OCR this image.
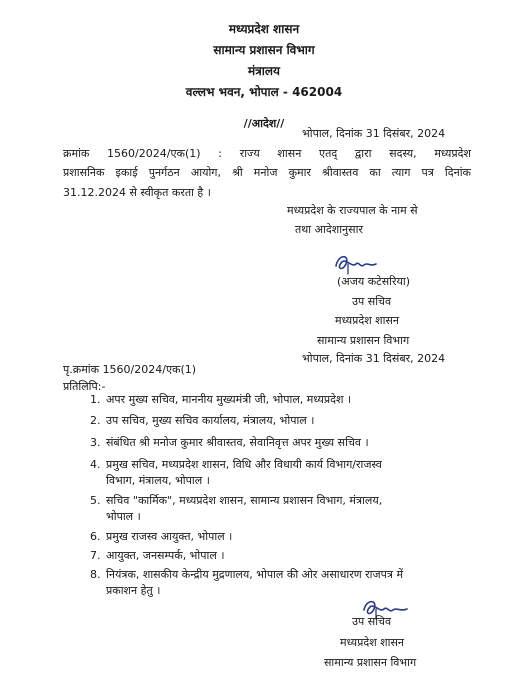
मध्यप्रदेश शासन
सामान्य प्रशासन विभाग
मंत्रालय
वल्लभ भवन, भोपाल - 462004
//आदेश//
भोपाल, दिनांक 31 दिसंबर, 2024
क्रमांक 1560/2024/एक(1) : राज्य शासन एतद् द्वारा सदस्य, मध्यप्रदेश
प्रशासनिक इकाई पुनर्गठन आयोग, श्री मनोज कुमार श्रीवास्तव का त्याग पत्र दिनांक
31.12.2024 से स्वीकृत करता है ।
मध्यप्रदेश के राज्यपाल के नाम से
तथा आदेशानुसार
(अजय कटेसरिया)
उप सचिव
मध्यप्रदेश शासन
सामान्य प्रशासन विभाग
भोपाल, दिनांक 31 दिसंबर, 2024
पृ.क्रमांक 1560/2024/एक(1)
प्रतिलिपि:-
1. अपर मुख्य सचिव, माननीय मुख्यमंत्री जी, भोपाल, मध्यप्रदेश ।
2. उप सचिव, मुख्य सचिव कार्यालय, मंत्रालय, भोपाल ।
3. संबंधित श्री मनोज कुमार श्रीवास्तव, सेवानिवृत्त अपर मुख्य सचिव ।
4. प्रमुख सचिव, मध्यप्रदेश शासन, विधि और विधायी कार्य विभाग/राजस्व
विभाग, मंत्रालय, भोपाल ।
5. सचिव "कार्मिक", मध्यप्रदेश शासन, सामान्य प्रशासन विभाग, मंत्रालय,
भोपाल ।
6. प्रमुख राजस्व आयुक्त, भोपाल ।
7. आयुक्त, जनसम्पर्क, भोपाल ।
8. नियंत्रक, शासकीय केन्द्रीय मुद्रणालय, भोपाल की ओर असाधारण राजपत्र में
प्रकाशन हेतु ।
उप सचिव
मध्यप्रदेश शासन
सामान्य प्रशासन विभाग
